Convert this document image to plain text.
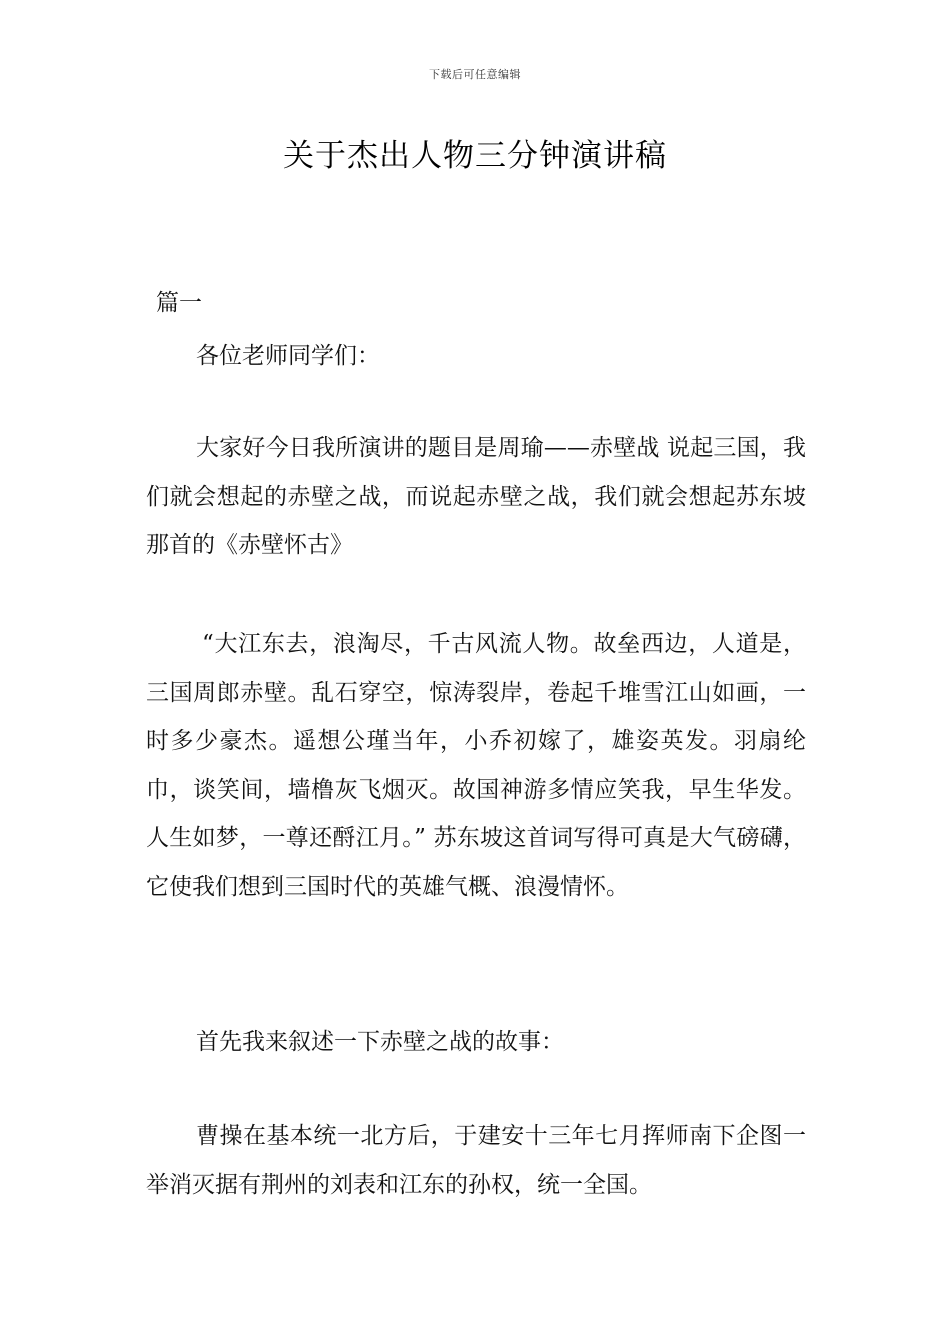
下载后可任意编辑
关于杰出人物三分钟演讲稿
篇一

各位老师同学们：

大家好今日我所演讲的题目是周瑜——赤壁战 说起三国，我们就会想起的赤壁之战，而说起赤壁之战，我们就会想起苏东坡那首的《赤壁怀古》

“大江东去，浪淘尽，千古风流人物。故垒西边，人道是，三国周郎赤壁。乱石穿空，惊涛裂岸，卷起千堆雪江山如画，一时多少豪杰。遥想公瑾当年，小乔初嫁了，雄姿英发。羽扇纶巾，谈笑间，墙橹灰飞烟灭。故国神游多情应笑我，早生华发。人生如梦，一尊还酹江月。” 苏东坡这首词写得可真是大气磅礴，它使我们想到三国时代的英雄气概、浪漫情怀。

首先我来叙述一下赤壁之战的故事：

曹操在基本统一北方后，于建安十三年七月挥师南下企图一举消灭据有荆州的刘表和江东的孙权，统一全国。
